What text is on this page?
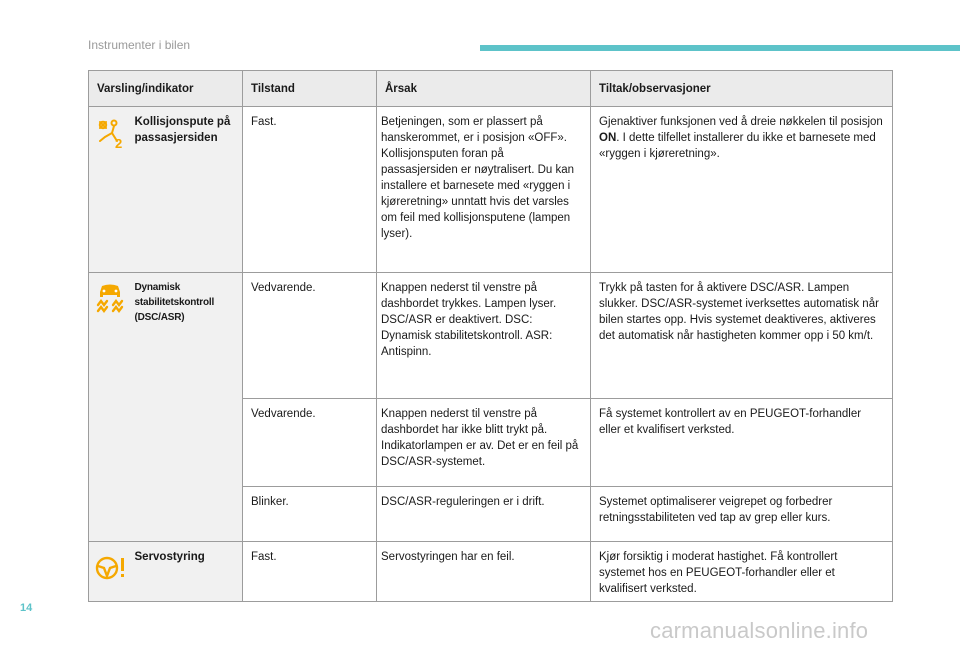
Instrumenter i bilen
Varsling/indikator		Tilstand	Årsak	Tiltak/observasjoner

2	Kollisjonspute på passasjersiden	Fast.	Betjeningen, som er plassert på hanskerommet, er i posisjon «OFF». Kollisjonsputen foran på passasjersiden er nøytralisert. Du kan installere et barnesete med «ryggen i kjøreretning» unntatt hvis det varsles om feil med kollisjonsputene (lampen lyser).	Gjenaktiver funksjonen ved å dreie nøkkelen til posisjon ON. I dette tilfellet installerer du ikke et barnesete med «ryggen i kjøreretning».
	Dynamisk stabilitetskontroll (DSC/ASR)	Vedvarende.	Knappen nederst til venstre på dashbordet trykkes. Lampen lyser. DSC/ASR er deaktivert. DSC: Dynamisk stabilitetskontroll. ASR: Antispinn.	Trykk på tasten for å aktivere DSC/ASR. Lampen slukker. DSC/ASR-systemet iverksettes automatisk når bilen startes opp. Hvis systemet deaktiveres, aktiveres det automatisk når hastigheten kommer opp i 50 km/t.
		Vedvarende.	Knappen nederst til venstre på dashbordet har ikke blitt trykt på. Indikatorlampen er av. Det er en feil på DSC/ASR-systemet.	Få systemet kontrollert av en PEUGEOT-forhandler eller et kvalifisert verksted.
		Blinker.	DSC/ASR-reguleringen er i drift.	Systemet optimaliserer veigrepet og forbedrer retningsstabiliteten ved tap av grep eller kurs.
	Servostyring	Fast.	Servostyringen har en feil.	Kjør forsiktig i moderat hastighet. Få kontrollert systemet hos en PEUGEOT-forhandler eller et kvalifisert verksted.
14
carmanualsonline.info
